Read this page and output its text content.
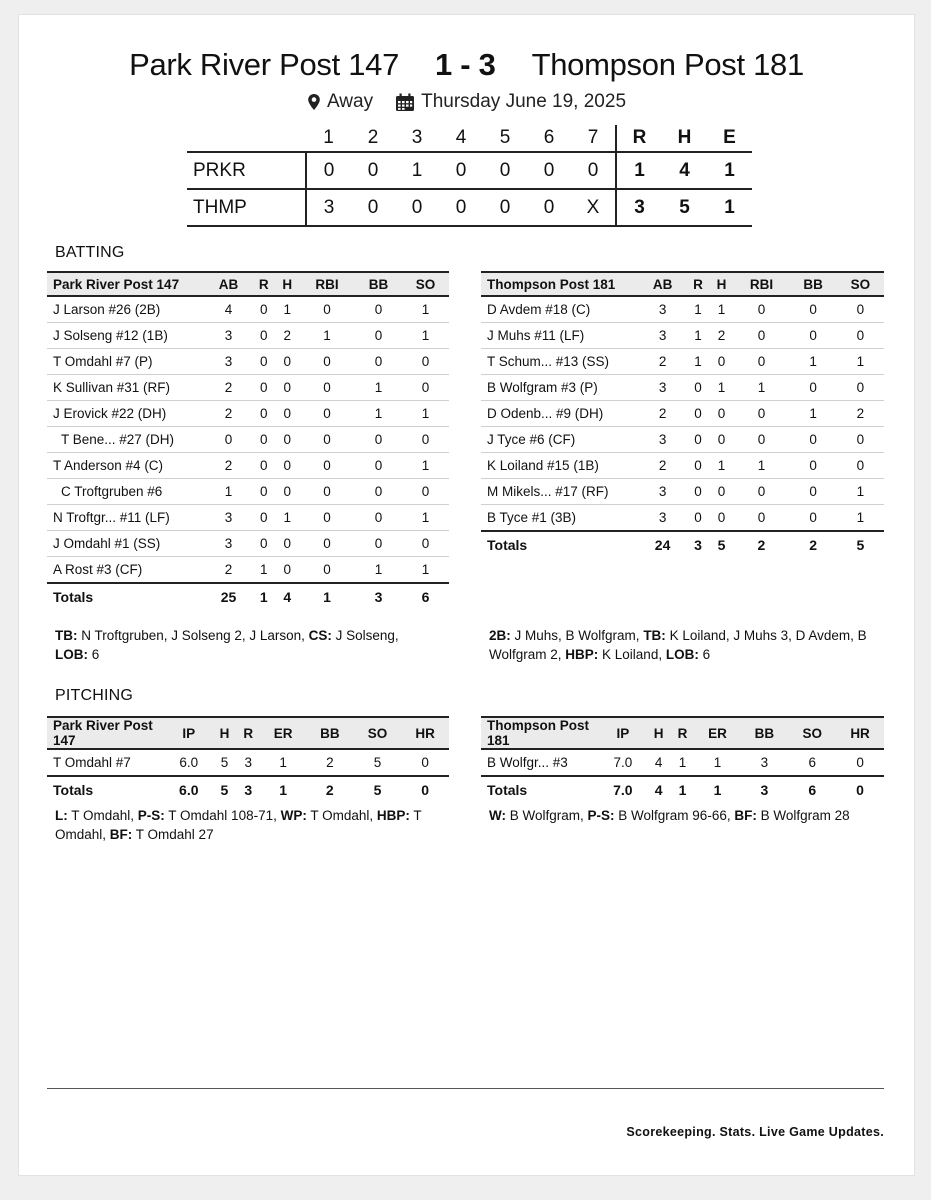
Park River Post 147 1 - 3 Thompson Post 181
Away	Thursday June 19, 2025
	1	2	3	4	5	6	7	R	H	E
PRKR	0	0	1	0	0	0	0	1	4	1
THMP	3	0	0	0	0	0	X	3	5	1
BATTING
Park River Post 147	AB	R	H	RBI	BB	SO
J Larson #26 (2B)	4	0	1	0	0	1
J Solseng #12 (1B)	3	0	2	1	0	1
T Omdahl #7 (P)	3	0	0	0	0	0
K Sullivan #31 (RF)	2	0	0	0	1	0
J Erovick #22 (DH)	2	0	0	0	1	1
T Bene... #27 (DH)	0	0	0	0	0	0
T Anderson #4 (C)	2	0	0	0	0	1
C Troftgruben #6	1	0	0	0	0	0
N Troftgr... #11 (LF)	3	0	1	0	0	1
J Omdahl #1 (SS)	3	0	0	0	0	0
A Rost #3 (CF)	2	1	0	0	1	1
Totals	25	1	4	1	3	6
Thompson Post 181	AB	R	H	RBI	BB	SO
D Avdem #18 (C)	3	1	1	0	0	0
J Muhs #11 (LF)	3	1	2	0	0	0
T Schum... #13 (SS)	2	1	0	0	1	1
B Wolfgram #3 (P)	3	0	1	1	0	0
D Odenb... #9 (DH)	2	0	0	0	1	2
J Tyce #6 (CF)	3	0	0	0	0	0
K Loiland #15 (1B)	2	0	1	1	0	0
M Mikels... #17 (RF)	3	0	0	0	0	1
B Tyce #1 (3B)	3	0	0	0	0	1
Totals	24	3	5	2	2	5
TB: N Troftgruben, J Solseng 2, J Larson, CS: J Solseng, LOB: 6
2B: J Muhs, B Wolfgram, TB: K Loiland, J Muhs 3, D Avdem, B Wolfgram 2, HBP: K Loiland, LOB: 6
PITCHING
Park River Post 147	IP	H	R	ER	BB	SO	HR
T Omdahl #7	6.0	5	3	1	2	5	0
Totals	6.0	5	3	1	2	5	0
Thompson Post 181	IP	H	R	ER	BB	SO	HR
B Wolfgr... #3	7.0	4	1	1	3	6	0
Totals	7.0	4	1	1	3	6	0
L: T Omdahl, P-S: T Omdahl 108-71, WP: T Omdahl, HBP: T Omdahl, BF: T Omdahl 27
W: B Wolfgram, P-S: B Wolfgram 96-66, BF: B Wolfgram 28
Scorekeeping. Stats. Live Game Updates.
